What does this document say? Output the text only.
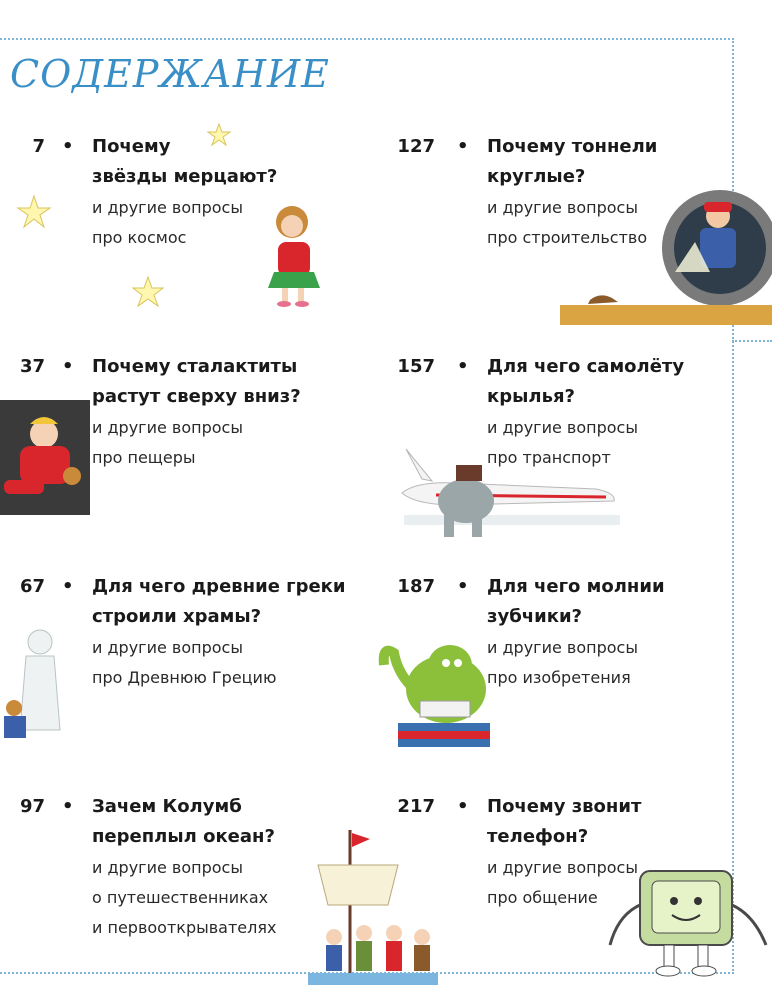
СОДЕРЖАНИЕ
7 • Почему
звёзды мерцают?
и другие вопросы
про космос
127 • Почему тоннели
круглые?
и другие вопросы
про строительство
37 • Почему сталактиты
растут сверху вниз?
и другие вопросы
про пещеры
157 • Для чего самолёту
крылья?
и другие вопросы
про транспорт
67 • Для чего древние греки
строили храмы?
и другие вопросы
про Древнюю Грецию
187 • Для чего молнии
зубчики?
и другие вопросы
про изобретения
97 • Зачем Колумб
переплыл океан?
и другие вопросы
о путешественниках
и первооткрывателях
217 • Почему звонит
телефон?
и другие вопросы
про общение
